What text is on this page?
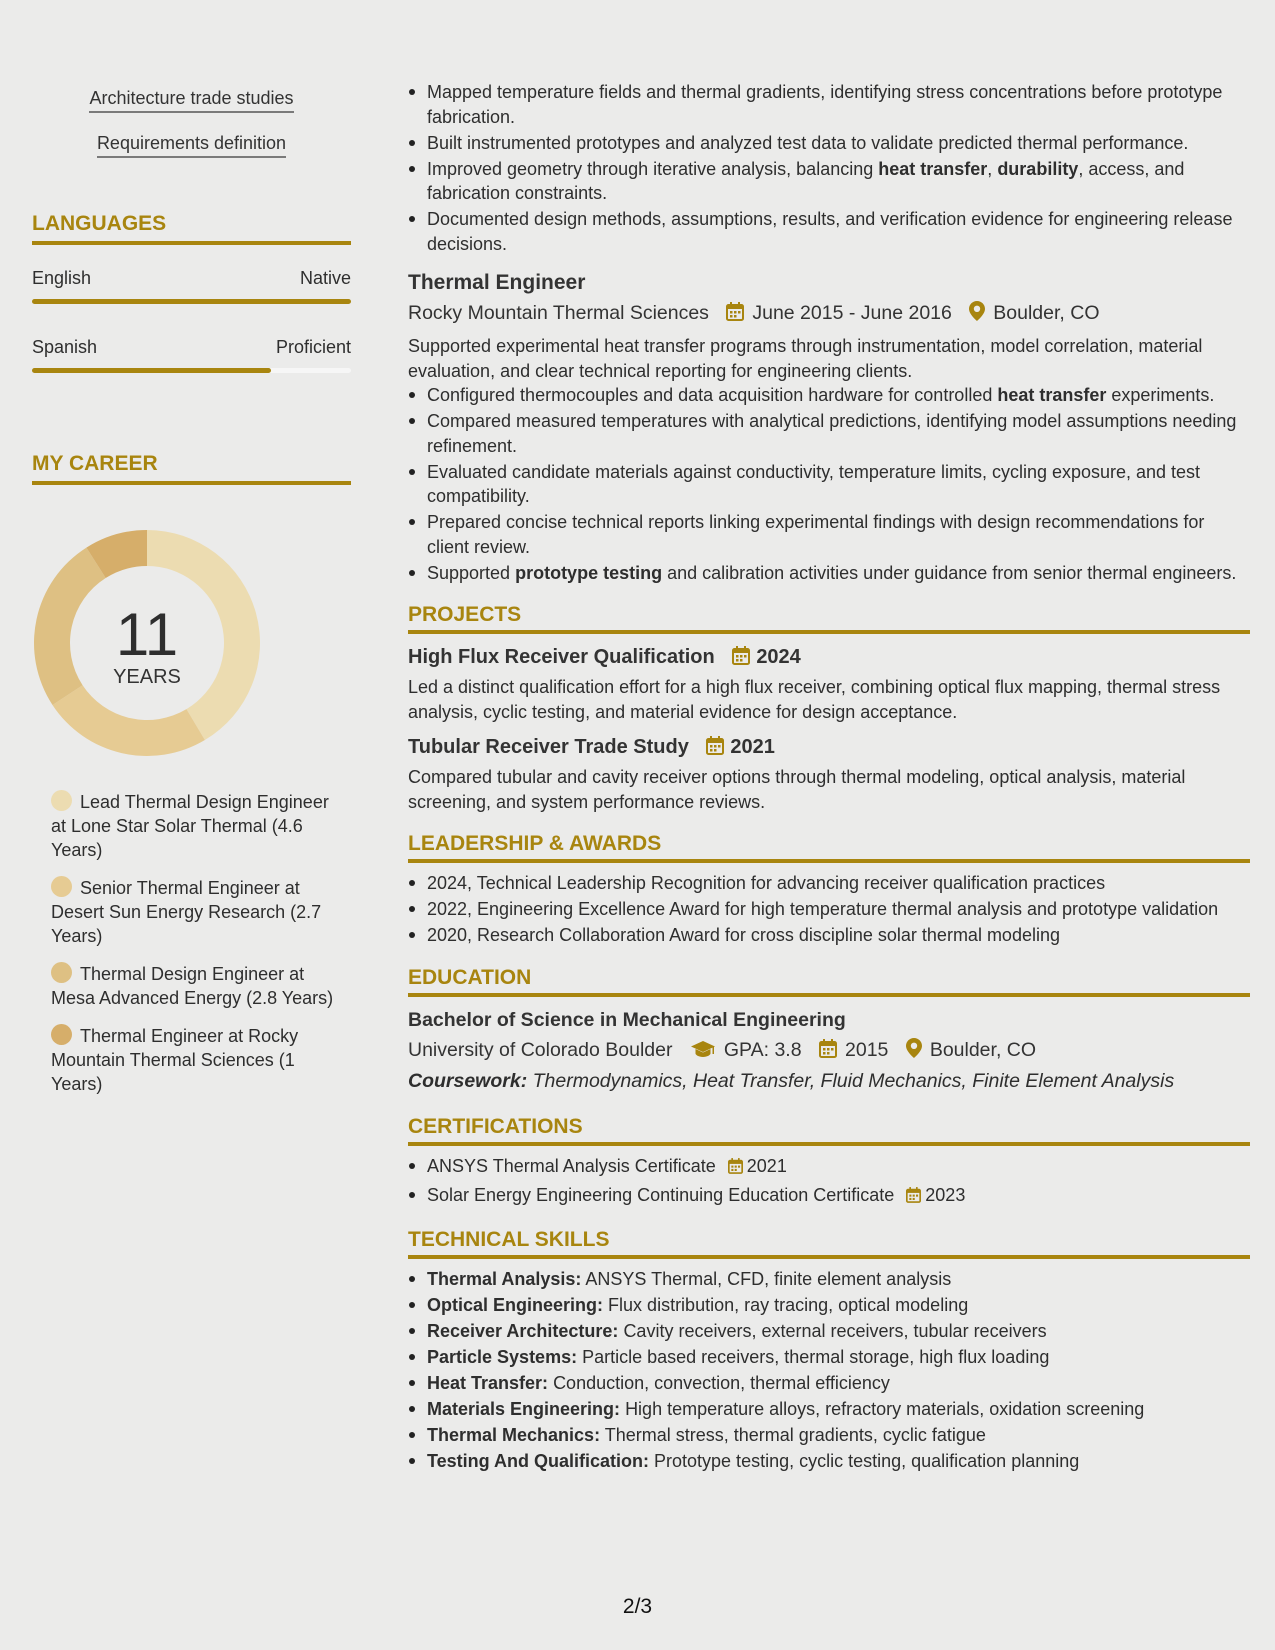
Architecture trade studies
Requirements definition
LANGUAGES
English	Native
Spanish	Proficient
MY CAREER
11
YEARS
Lead Thermal Design Engineer at Lone Star Solar Thermal (4.6 Years)
Senior Thermal Engineer at Desert Sun Energy Research (2.7 Years)
Thermal Design Engineer at Mesa Advanced Energy (2.8 Years)
Thermal Engineer at Rocky Mountain Thermal Sciences (1 Years)
Mapped temperature fields and thermal gradients, identifying stress concentrations before prototype fabrication.
Built instrumented prototypes and analyzed test data to validate predicted thermal performance.
Improved geometry through iterative analysis, balancing heat transfer, durability, access, and fabrication constraints.
Documented design methods, assumptions, results, and verification evidence for engineering release decisions.
Thermal Engineer
Rocky Mountain Thermal Sciences June 2015 - June 2016 Boulder, CO
Supported experimental heat transfer programs through instrumentation, model correlation, material evaluation, and clear technical reporting for engineering clients.
Configured thermocouples and data acquisition hardware for controlled heat transfer experiments.
Compared measured temperatures with analytical predictions, identifying model assumptions needing refinement.
Evaluated candidate materials against conductivity, temperature limits, cycling exposure, and test compatibility.
Prepared concise technical reports linking experimental findings with design recommendations for client review.
Supported prototype testing and calibration activities under guidance from senior thermal engineers.
PROJECTS
High Flux Receiver Qualification 2024
Led a distinct qualification effort for a high flux receiver, combining optical flux mapping, thermal stress analysis, cyclic testing, and material evidence for design acceptance.
Tubular Receiver Trade Study 2021
Compared tubular and cavity receiver options through thermal modeling, optical analysis, material screening, and system performance reviews.
LEADERSHIP & AWARDS
2024, Technical Leadership Recognition for advancing receiver qualification practices
2022, Engineering Excellence Award for high temperature thermal analysis and prototype validation
2020, Research Collaboration Award for cross discipline solar thermal modeling
EDUCATION
Bachelor of Science in Mechanical Engineering
University of Colorado Boulder	GPA: 3.8 2015 Boulder, CO
Coursework: Thermodynamics, Heat Transfer, Fluid Mechanics, Finite Element Analysis
CERTIFICATIONS
ANSYS Thermal Analysis Certificate 2021
Solar Energy Engineering Continuing Education Certificate 2023
TECHNICAL SKILLS
Thermal Analysis: ANSYS Thermal, CFD, finite element analysis
Optical Engineering: Flux distribution, ray tracing, optical modeling
Receiver Architecture: Cavity receivers, external receivers, tubular receivers
Particle Systems: Particle based receivers, thermal storage, high flux loading
Heat Transfer: Conduction, convection, thermal efficiency
Materials Engineering: High temperature alloys, refractory materials, oxidation screening
Thermal Mechanics: Thermal stress, thermal gradients, cyclic fatigue
Testing And Qualification: Prototype testing, cyclic testing, qualification planning
2/3
